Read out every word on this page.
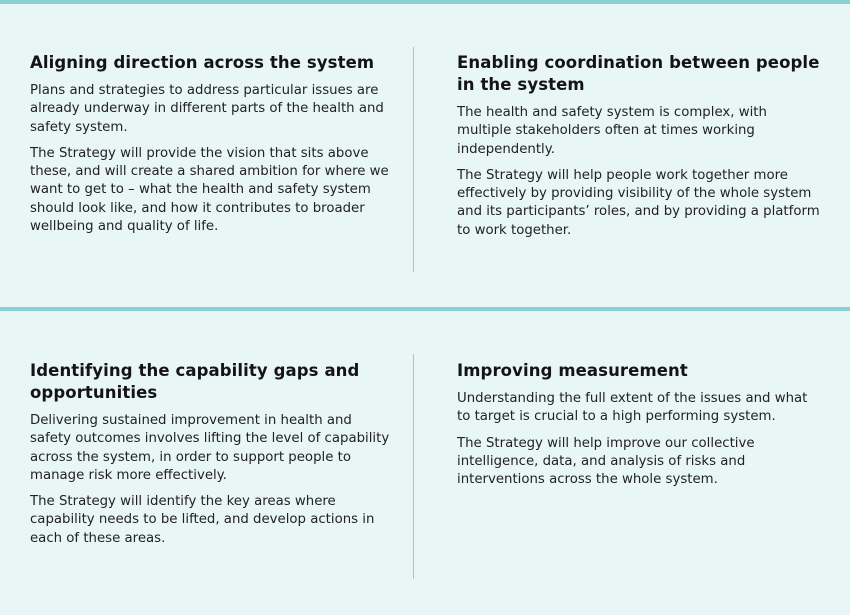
Aligning direction across the system

Plans and strategies to address particular issues are already underway in different parts of the health and safety system.

The Strategy will provide the vision that sits above these, and will create a shared ambition for where we want to get to – what the health and safety system should look like, and how it contributes to broader wellbeing and quality of life.

Enabling coordination between people in the system

The health and safety system is complex, with multiple stakeholders often at times working independently.

The Strategy will help people work together more effectively by providing visibility of the whole system and its participants’ roles, and by providing a platform to work together.

Identifying the capability gaps and opportunities

Delivering sustained improvement in health and safety outcomes involves lifting the level of capability across the system, in order to support people to manage risk more effectively.

The Strategy will identify the key areas where capability needs to be lifted, and develop actions in each of these areas.

Improving measurement

Understanding the full extent of the issues and what to target is crucial to a high performing system.

The Strategy will help improve our collective intelligence, data, and analysis of risks and interventions across the whole system.
